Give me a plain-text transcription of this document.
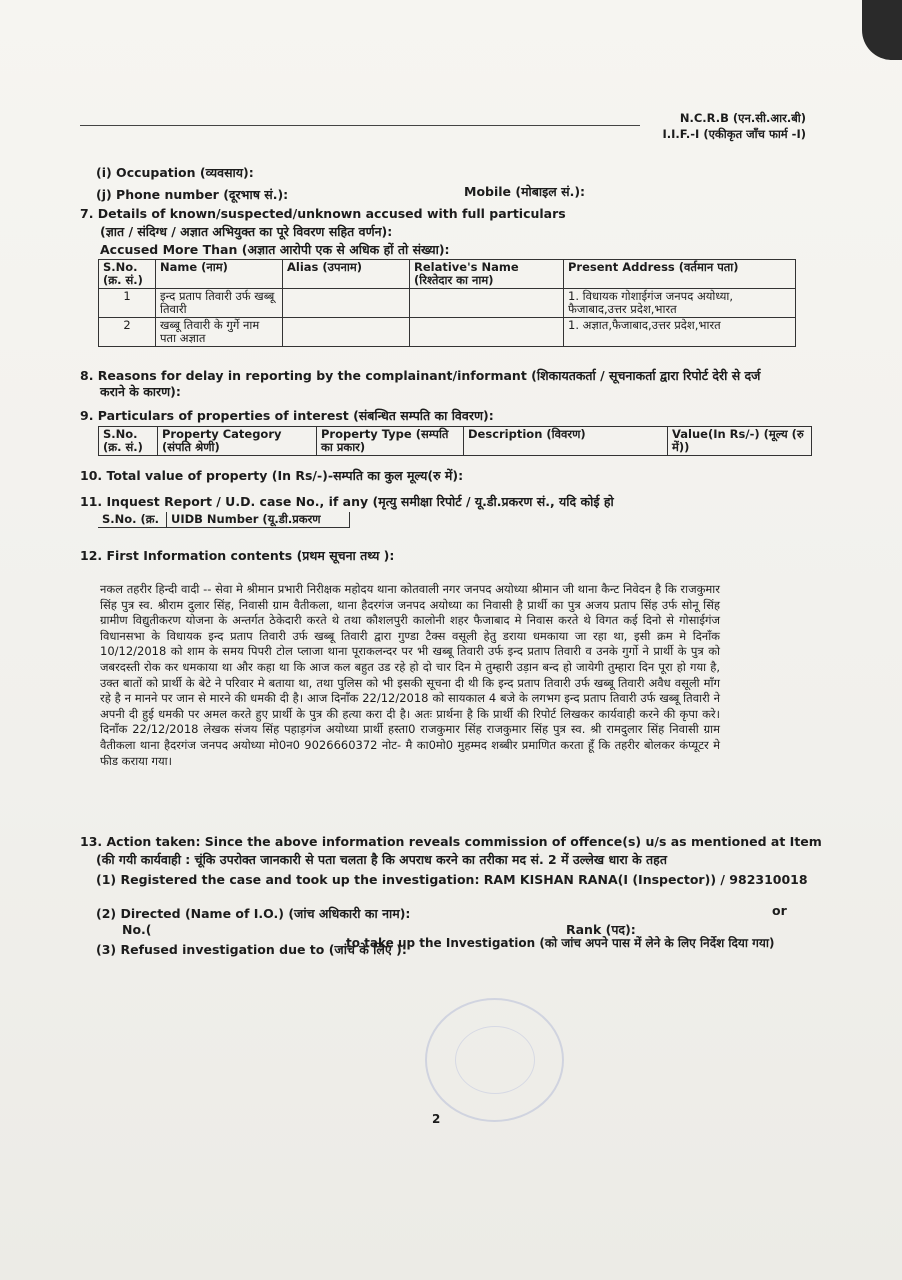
N.C.R.B (एन.सी.आर.बी)
I.I.F.-I (एकीकृत जाँच फार्म -I)
(i) Occupation (व्यवसाय):
(j) Phone number (दूरभाष सं.):	Mobile (मोबाइल सं.):
7. Details of known/suspected/unknown accused with full particulars
(ज्ञात / संदिग्ध / अज्ञात अभियुक्त का पूरे विवरण सहित वर्णन):
Accused More Than (अज्ञात आरोपी एक से अधिक हों तो संख्या):
S.No.(क्र. सं.)	Name (नाम)	Alias (उपनाम)	Relative's Name (रिश्तेदार का नाम)	Present Address (वर्तमान पता)
1	इन्द प्रताप तिवारी उर्फ खब्बू तिवारी			1. विधायक गोशाईगंज जनपद अयोध्या, फैजाबाद,उत्तर प्रदेश,भारत
2	खब्बू तिवारी के गुर्गे नाम पता अज्ञात			1. अज्ञात,फैजाबाद,उत्तर प्रदेश,भारत
8. Reasons for delay in reporting by the complainant/informant (शिकायतकर्ता / सूचनाकर्ता द्वारा रिपोर्ट देरी से दर्ज
कराने के कारण):
9. Particulars of properties of interest (संबन्धित सम्पति का विवरण):
S.No. (क्र. सं.)	Property Category (संपति श्रेणी)	Property Type (सम्पति का प्रकार)	Description (विवरण)	Value(In Rs/-) (मूल्य (रु में))
10. Total value of property (In Rs/-)-सम्पति का कुल मूल्य(रु में):
11. Inquest Report / U.D. case No., if any (मृत्यु समीक्षा रिपोर्ट / यू.डी.प्रकरण सं., यदि कोई हो
S.No. (क्र.	UIDB Number (यू.डी.प्रकरण
12. First Information contents (प्रथम सूचना तथ्य ):
नकल तहरीर हिन्दी वादी -- सेवा मे श्रीमान प्रभारी निरीक्षक महोदय थाना कोतवाली नगर जनपद अयोध्या श्रीमान जी थाना कैन्ट निवेदन है कि राजकुमार सिंह पुत्र स्व. श्रीराम दुलार सिंह, निवासी ग्राम वैतीकला, थाना हैदरगंज जनपद अयोध्या का निवासी है प्रार्थी का पुत्र अजय प्रताप सिंह उर्फ सोनू सिंह ग्रामीण विद्युतीकरण योजना के अन्तर्गत ठेकेदारी करते थे तथा कौशलपुरी कालोनी शहर फैजाबाद मे निवास करते थे विगत कई दिनो से गोसाईगंज विधानसभा के विधायक इन्द प्रताप तिवारी उर्फ खब्बू तिवारी द्वारा गुण्डा टैक्स वसूली हेतु डराया धमकाया जा रहा था, इसी क्रम मे दिनाँक 10/12/2018 को शाम के समय पिपरी टोल प्लाजा थाना पूराकलन्दर पर भी खब्बू तिवारी उर्फ इन्द प्रताप तिवारी व उनके गुर्गो ने प्रार्थी के पुत्र को जबरदस्ती रोक कर धमकाया था और कहा था कि आज कल बहुत उड रहे हो दो चार दिन मे तुम्हारी उड़ान बन्द हो जायेगी तुम्हारा दिन पूरा हो गया है, उक्त बातों को प्रार्थी के बेटे ने परिवार मे बताया था, तथा पुलिस को भी इसकी सूचना दी थी कि इन्द प्रताप तिवारी उर्फ खब्बू तिवारी अवैध वसूली माँग रहे है न मानने पर जान से मारने की धमकी दी है। आज दिनाँक 22/12/2018 को सायकाल 4 बजे के लगभग इन्द प्रताप तिवारी उर्फ खब्बू तिवारी ने अपनी दी हुई धमकी पर अमल करते हुए प्रार्थी के पुत्र की हत्या करा दी है। अतः प्रार्थना है कि प्रार्थी की रिपोर्ट लिखकर कार्यवाही करने की कृपा करे। दिनाँक 22/12/2018 लेखक संजय सिंह पहाड़गंज अयोध्या प्रार्थी हस्ता0 राजकुमार सिंह राजकुमार सिंह पुत्र स्व. श्री रामदुलार सिंह निवासी ग्राम वैतीकला थाना हैदरगंज जनपद अयोध्या मो0न0 9026660372 नोट- मै का0मो0 मुहम्मद शब्बीर प्रमाणित करता हूँ कि तहरीर बोलकर कंप्यूटर मे फीड कराया गया।
13. Action taken: Since the above information reveals commission of offence(s) u/s as mentioned at Item
(की गयी कार्यवाही : चूंकि उपरोक्त जानकारी से पता चलता है कि अपराध करने का तरीका मद सं. 2 में उल्लेख धारा के तहत
(1) Registered the case and took up the investigation: RAM KISHAN RANA(I (Inspector)) / 982310018
or
(2) Directed (Name of I.O.) (जांच अधिकारी का नाम):
Rank (पद):
No.(
to take up the Investigation (को जांच अपने पास में लेने के लिए निर्देश दिया गया)
(3) Refused investigation due to (जांच के लिए ):
2
